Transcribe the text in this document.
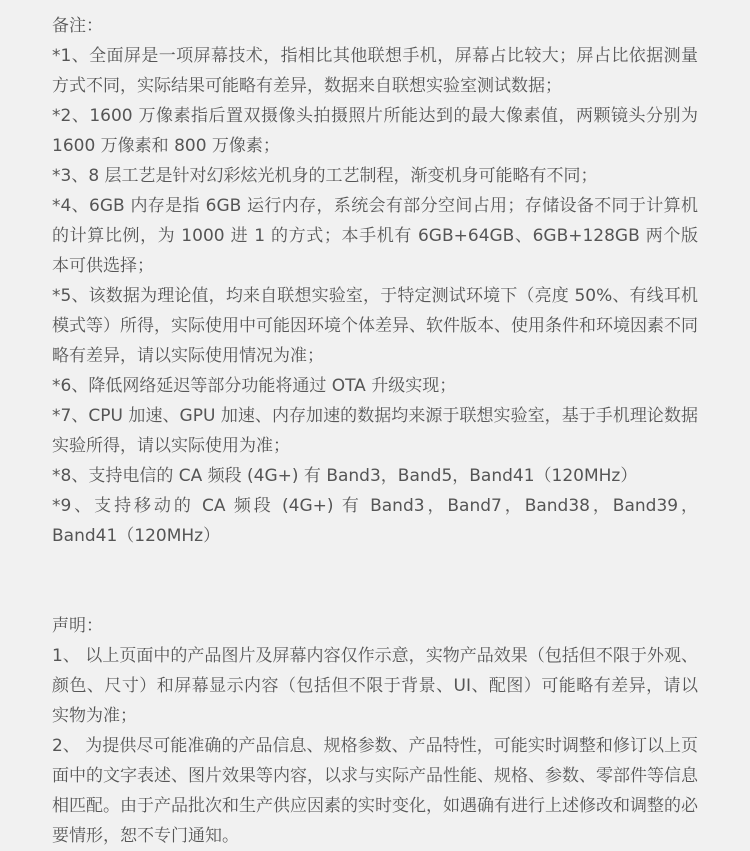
备注：

*1、全面屏是一项屏幕技术，指相比其他联想手机，屏幕占比较大；屏占比依据测量方式不同，实际结果可能略有差异，数据来自联想实验室测试数据；

*2、1600 万像素指后置双摄像头拍摄照片所能达到的最大像素值，两颗镜头分别为 1600 万像素和 800 万像素；

*3、8 层工艺是针对幻彩炫光机身的工艺制程，渐变机身可能略有不同；

*4、6GB 内存是指 6GB 运行内存，系统会有部分空间占用；存储设备不同于计算机的计算比例，为 1000 进 1 的方式；本手机有 6GB+64GB、6GB+128GB 两个版本可供选择；

*5、该数据为理论值，均来自联想实验室，于特定测试环境下（亮度 50%、有线耳机模式等）所得，实际使用中可能因环境个体差异、软件版本、使用条件和环境因素不同略有差异，请以实际使用情况为准；

*6、降低网络延迟等部分功能将通过 OTA 升级实现；

*7、CPU 加速、GPU 加速、内存加速的数据均来源于联想实验室，基于手机理论数据实验所得，请以实际使用为准；

*8、支持电信的 CA 频段 (4G+) 有 Band3，Band5，Band41（120MHz）

*9、支持移动的 CA 频段 (4G+) 有 Band3，Band7，Band38，Band39，Band41（120MHz）

声明：

1、 以上页面中的产品图片及屏幕内容仅作示意，实物产品效果（包括但不限于外观、颜色、尺寸）和屏幕显示内容（包括但不限于背景、UI、配图）可能略有差异，请以实物为准；

2、 为提供尽可能准确的产品信息、规格参数、产品特性，可能实时调整和修订以上页面中的文字表述、图片效果等内容，以求与实际产品性能、规格、参数、零部件等信息相匹配。由于产品批次和生产供应因素的实时变化，如遇确有进行上述修改和调整的必要情形，恕不专门通知。
